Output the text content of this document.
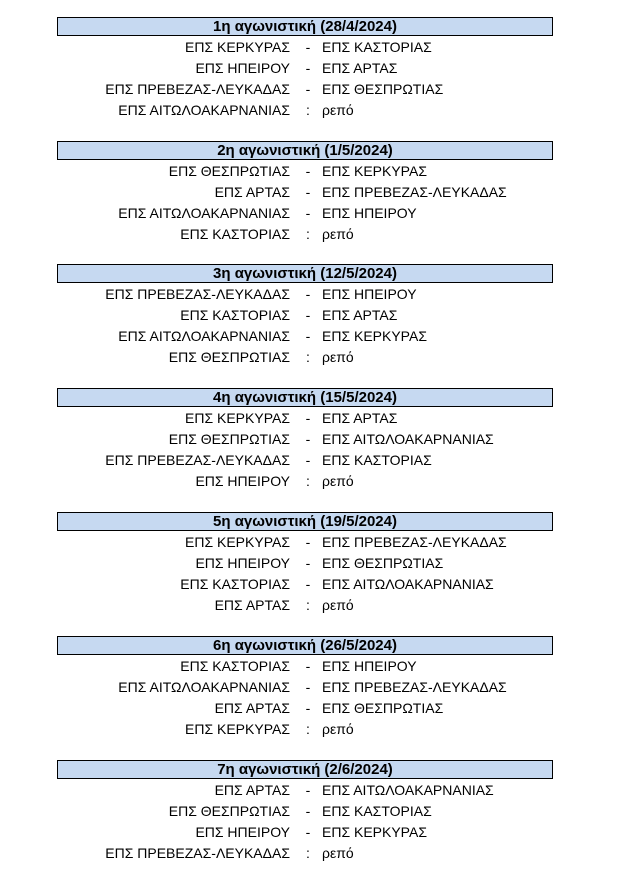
1η αγωνιστική (28/4/2024)
ΕΠΣ ΚΕΡΚΥΡΑΣ - ΕΠΣ ΚΑΣΤΟΡΙΑΣ
ΕΠΣ ΗΠΕΙΡΟΥ - ΕΠΣ ΑΡΤΑΣ
ΕΠΣ ΠΡΕΒΕΖΑΣ-ΛΕΥΚΑΔΑΣ - ΕΠΣ ΘΕΣΠΡΩΤΙΑΣ
ΕΠΣ ΑΙΤΩΛΟΑΚΑΡΝΑΝΙΑΣ : ρεπό
2η αγωνιστική (1/5/2024)
ΕΠΣ ΘΕΣΠΡΩΤΙΑΣ - ΕΠΣ ΚΕΡΚΥΡΑΣ
ΕΠΣ ΑΡΤΑΣ - ΕΠΣ ΠΡΕΒΕΖΑΣ-ΛΕΥΚΑΔΑΣ
ΕΠΣ ΑΙΤΩΛΟΑΚΑΡΝΑΝΙΑΣ - ΕΠΣ ΗΠΕΙΡΟΥ
ΕΠΣ ΚΑΣΤΟΡΙΑΣ : ρεπό
3η αγωνιστική (12/5/2024)
ΕΠΣ ΠΡΕΒΕΖΑΣ-ΛΕΥΚΑΔΑΣ - ΕΠΣ ΗΠΕΙΡΟΥ
ΕΠΣ ΚΑΣΤΟΡΙΑΣ - ΕΠΣ ΑΡΤΑΣ
ΕΠΣ ΑΙΤΩΛΟΑΚΑΡΝΑΝΙΑΣ - ΕΠΣ ΚΕΡΚΥΡΑΣ
ΕΠΣ ΘΕΣΠΡΩΤΙΑΣ : ρεπό
4η αγωνιστική (15/5/2024)
ΕΠΣ ΚΕΡΚΥΡΑΣ - ΕΠΣ ΑΡΤΑΣ
ΕΠΣ ΘΕΣΠΡΩΤΙΑΣ - ΕΠΣ ΑΙΤΩΛΟΑΚΑΡΝΑΝΙΑΣ
ΕΠΣ ΠΡΕΒΕΖΑΣ-ΛΕΥΚΑΔΑΣ - ΕΠΣ ΚΑΣΤΟΡΙΑΣ
ΕΠΣ ΗΠΕΙΡΟΥ : ρεπό
5η αγωνιστική (19/5/2024)
ΕΠΣ ΚΕΡΚΥΡΑΣ - ΕΠΣ ΠΡΕΒΕΖΑΣ-ΛΕΥΚΑΔΑΣ
ΕΠΣ ΗΠΕΙΡΟΥ - ΕΠΣ ΘΕΣΠΡΩΤΙΑΣ
ΕΠΣ ΚΑΣΤΟΡΙΑΣ - ΕΠΣ ΑΙΤΩΛΟΑΚΑΡΝΑΝΙΑΣ
ΕΠΣ ΑΡΤΑΣ : ρεπό
6η αγωνιστική (26/5/2024)
ΕΠΣ ΚΑΣΤΟΡΙΑΣ - ΕΠΣ ΗΠΕΙΡΟΥ
ΕΠΣ ΑΙΤΩΛΟΑΚΑΡΝΑΝΙΑΣ - ΕΠΣ ΠΡΕΒΕΖΑΣ-ΛΕΥΚΑΔΑΣ
ΕΠΣ ΑΡΤΑΣ - ΕΠΣ ΘΕΣΠΡΩΤΙΑΣ
ΕΠΣ ΚΕΡΚΥΡΑΣ : ρεπό
7η αγωνιστική (2/6/2024)
ΕΠΣ ΑΡΤΑΣ - ΕΠΣ ΑΙΤΩΛΟΑΚΑΡΝΑΝΙΑΣ
ΕΠΣ ΘΕΣΠΡΩΤΙΑΣ - ΕΠΣ ΚΑΣΤΟΡΙΑΣ
ΕΠΣ ΗΠΕΙΡΟΥ - ΕΠΣ ΚΕΡΚΥΡΑΣ
ΕΠΣ ΠΡΕΒΕΖΑΣ-ΛΕΥΚΑΔΑΣ : ρεπό
